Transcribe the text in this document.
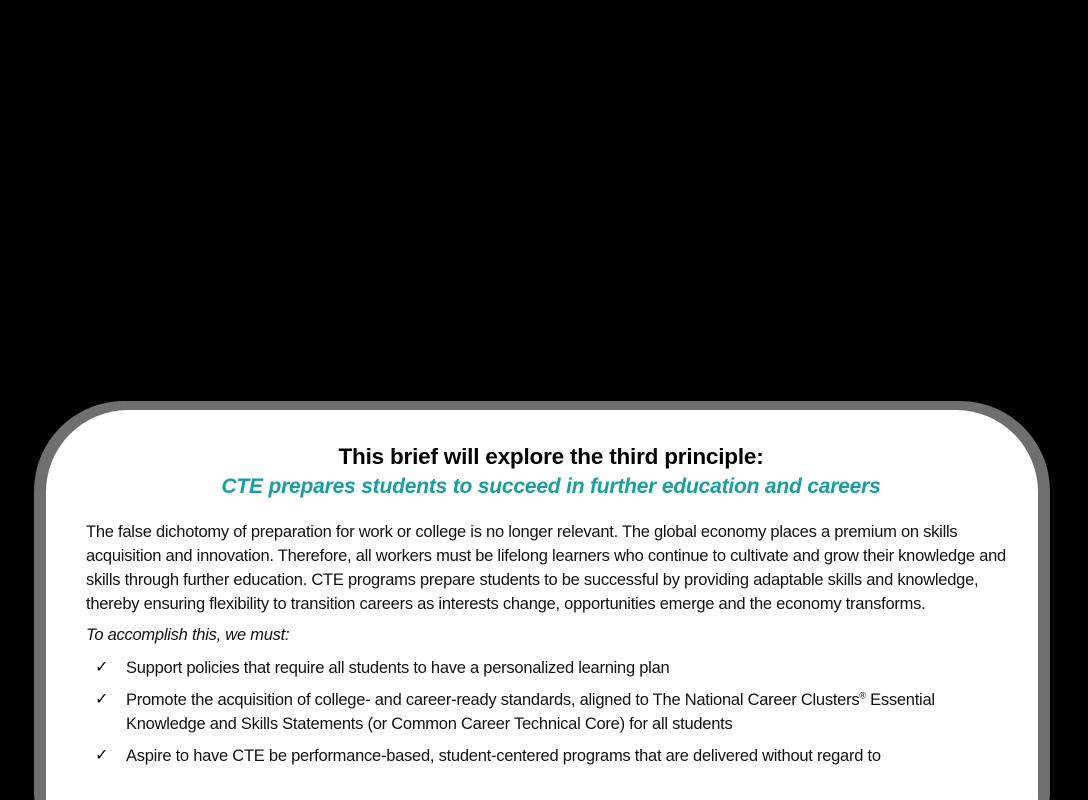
This brief will explore the third principle:
CTE prepares students to succeed in further education and careers

The false dichotomy of preparation for work or college is no longer relevant. The global economy places a premium on skills acquisition and innovation. Therefore, all workers must be lifelong learners who continue to cultivate and grow their knowledge and skills through further education. CTE programs prepare students to be successful by providing adaptable skills and knowledge, thereby ensuring flexibility to transition careers as interests change, opportunities emerge and the economy transforms.

To accomplish this, we must:

✓ Support policies that require all students to have a personalized learning plan
✓ Promote the acquisition of college- and career-ready standards, aligned to The National Career Clusters® Essential Knowledge and Skills Statements (or Common Career Technical Core) for all students
✓ Aspire to have CTE be performance-based, student-centered programs that are delivered without regard to
